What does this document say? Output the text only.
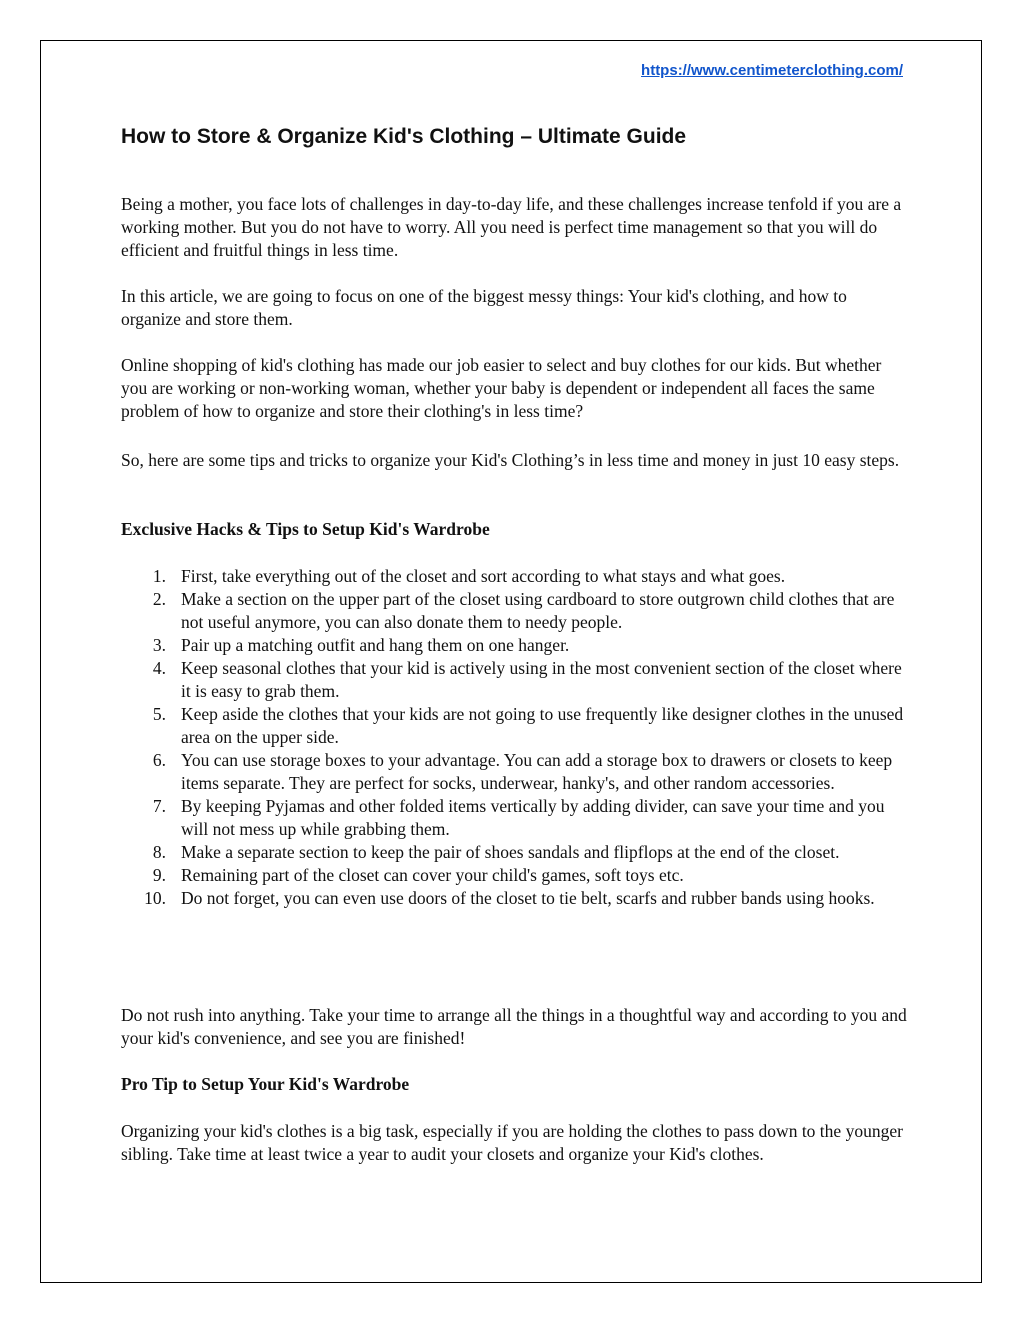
https://www.centimeterclothing.com/
How to Store & Organize Kid's Clothing – Ultimate Guide

Being a mother, you face lots of challenges in day-to-day life, and these challenges increase tenfold if you are a working mother. But you do not have to worry. All you need is perfect time management so that you will do efficient and fruitful things in less time.

In this article, we are going to focus on one of the biggest messy things: Your kid's clothing, and how to organize and store them.

Online shopping of kid's clothing has made our job easier to select and buy clothes for our kids. But whether you are working or non-working woman, whether your baby is dependent or independent all faces the same problem of how to organize and store their clothing's in less time?

So, here are some tips and tricks to organize your Kid's Clothing’s in less time and money in just 10 easy steps.

Exclusive Hacks & Tips to Setup Kid's Wardrobe
1. First, take everything out of the closet and sort according to what stays and what goes.
2. Make a section on the upper part of the closet using cardboard to store outgrown child clothes that are not useful anymore, you can also donate them to needy people.
3. Pair up a matching outfit and hang them on one hanger.
4. Keep seasonal clothes that your kid is actively using in the most convenient section of the closet where it is easy to grab them.
5. Keep aside the clothes that your kids are not going to use frequently like designer clothes in the unused area on the upper side.
6. You can use storage boxes to your advantage. You can add a storage box to drawers or closets to keep items separate. They are perfect for socks, underwear, hanky's, and other random accessories.
7. By keeping Pyjamas and other folded items vertically by adding divider, can save your time and you will not mess up while grabbing them.
8. Make a separate section to keep the pair of shoes sandals and flipflops at the end of the closet.
9. Remaining part of the closet can cover your child's games, soft toys etc.
10. Do not forget, you can even use doors of the closet to tie belt, scarfs and rubber bands using hooks.

Do not rush into anything. Take your time to arrange all the things in a thoughtful way and according to you and your kid's convenience, and see you are finished!

Pro Tip to Setup Your Kid's Wardrobe

Organizing your kid's clothes is a big task, especially if you are holding the clothes to pass down to the younger sibling. Take time at least twice a year to audit your closets and organize your Kid's clothes.
